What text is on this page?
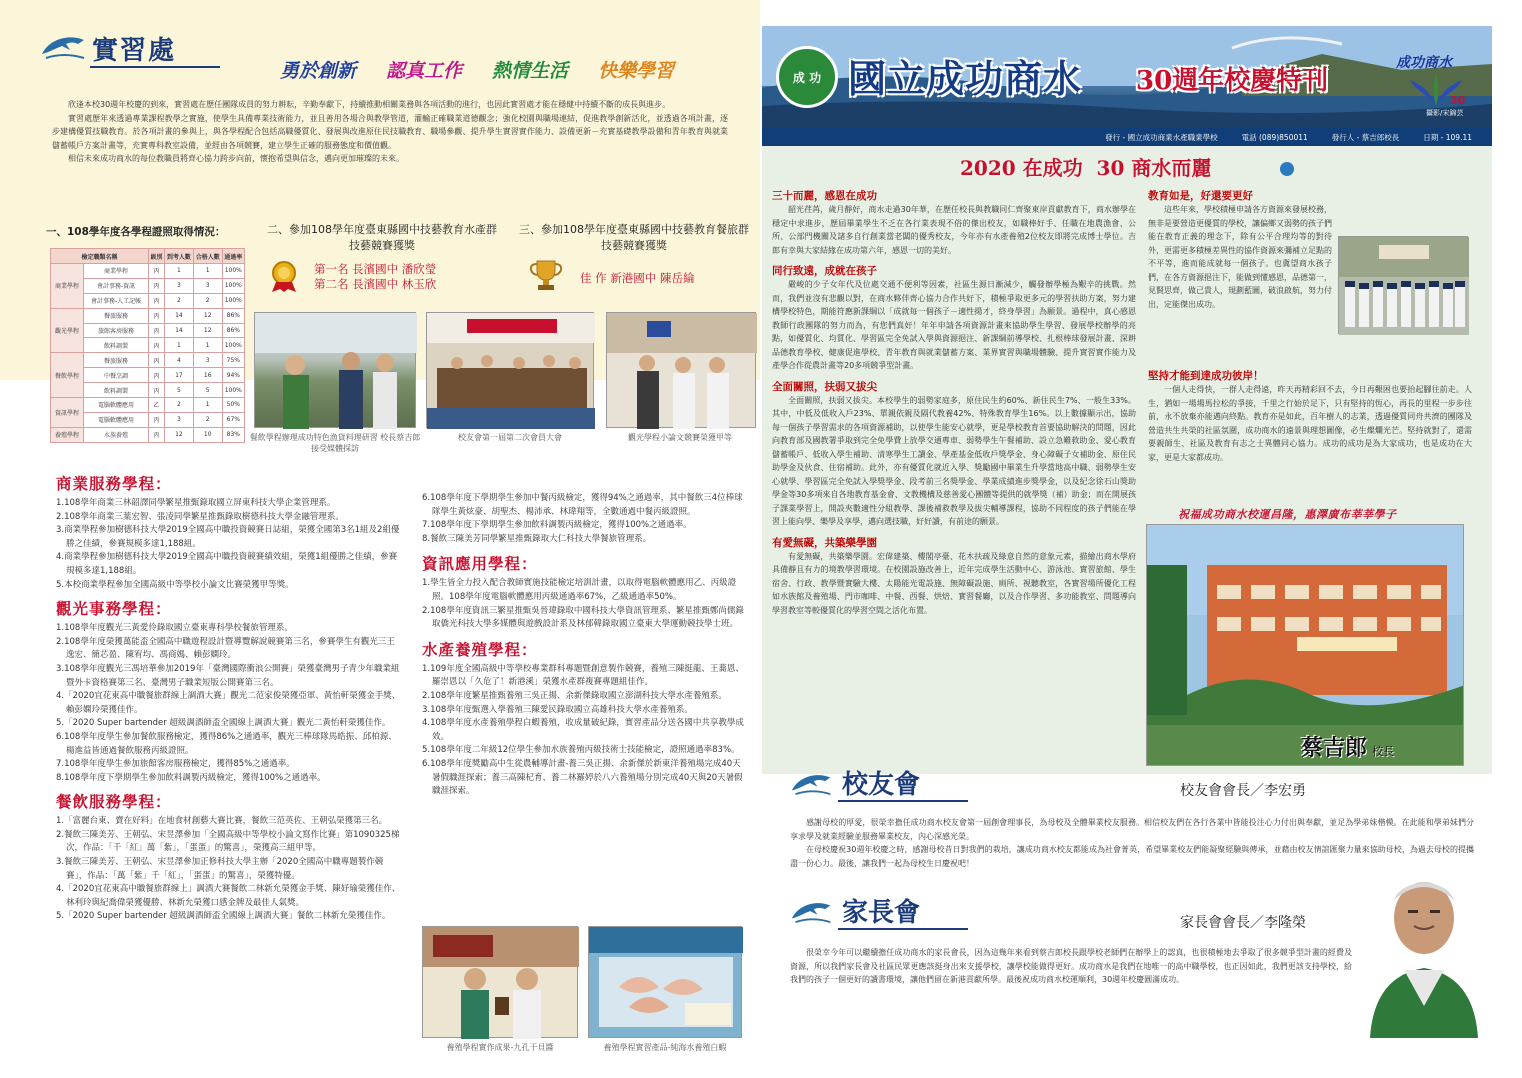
實習處
勇於創新 認真工作 熱情生活 快樂學習

欣逢本校30週年校慶的到來，實習處在歷任團隊成員的努力耕耘，辛勤奉獻下，持續推動相關業務與各項活動的進行，也因此實習處才能在穩健中持續不斷的成長與進步。

實習處歷年來透過專業課程教學之實施，使學生具備專業技術能力，並且善用各場合與教學管道，灌輸正確職業道德觀念；強化校園與職場連結，促進教學創新活化，並透過各項計畫，逐步建構優質技職教育。於各項計畫的參與上，與各學程配合包括高職優質化、發展與改進原住民技職教育、職場參觀、提升學生實習實作能力、設備更新－充實基礎教學設備和青年教育與就業儲蓄帳戶方案計畫等，充實專科教室設備，並經由各項競賽，建立學生正確的服務態度和價值觀。

相信未來成功商水的每位教職員將齊心協力跨步向前，懷抱希望與信念，邁向更加璀璨的未來。

一、108學年度各學程證照取得情況：
檢定職類名稱		級別	到考人數	合格人數	通過率
商業學程	商業學程	丙	1	1	100%
	會計事務-資訊	丙	3	3	100%
	會計事務-人工記帳	丙	2	2	100%
觀光學程	餐旅服務	丙	14	12	86%
	旅館客房服務	丙	14	12	86%
	飲料調製	丙	1	1	100%
餐飲學程	餐旅服務	丙	4	3	75%
	中餐烹調	丙	17	16	94%
	飲料調製	丙	5	5	100%
資訊學程	電腦軟體應用	乙	2	1	50%
	電腦軟體應用	丙	3	2	67%
養殖學程	水族養殖	丙	12	10	83%
二、參加108學年度臺東縣國中技藝教育水產群技藝競賽獲獎
第一名 長濱國中 潘欣瑩
第二名 長濱國中 林玉欣
三、參加108學年度臺東縣國中技藝教育餐旅群技藝競賽獲獎
佳 作 新港國中 陳岳綸
餐飲學程辦理成功特色漁貨料理研習 校長蔡吉郎接受媒體採訪
校友會第一屆第二次會員大會	觀光學程小論文競賽榮獲甲等
商業服務學程：
1.108學年商業三林韶譯同學繁星推甄錄取國立屏東科技大學企業管理系。
2.108學年商業三葉宏智、張凌同學繁星推甄錄取樹德科技大學金融管理系。
3.商業學程參加樹德科技大學2019全國高中職投資競賽日誌組，榮獲全國第3名1組及2組優勝之佳績，參賽規模多達1,188組。
4.商業學程參加樹德科技大學2019全國高中職投資競賽績效組，榮獲1組優勝之佳績，參賽規模多達1,188組。
5.本校商業學程參加全國高級中等學校小論文比賽榮獲甲等獎。
觀光事務學程：
1.108學年度觀光三黃愛伶錄取國立臺東專科學校餐旅管理系。
2.108學年度榮獲萬能盃全國高中職遊程設計暨導覽解說競賽第三名，參賽學生有觀光三王逸宏、簡芯盈、陳宥均、馮商媽、賴彭嫻玲。
3.108學年度觀光三馮培華參加2019年「臺灣國際衝浪公開賽」榮獲臺灣男子青少年職業組暨外卡資格賽第三名、臺灣男子職業短版公開賽第三名。
4.「2020宜花東高中職餐旅群線上調酒大賽」觀光二范家俊榮獲亞軍、黃怡軒榮獲金手獎、賴彭嫻玲榮獲佳作。
5.「2020 Super bartender 超級調酒師盃全國線上調酒大賽」觀光二黃怡軒榮獲佳作。
6.108學年度學生參加餐飲服務檢定，獲得86%之通過率，觀光三棒球隊馬皓振、邱柏源、楊進益皆通過餐飲服務丙級證照。
7.108學年度學生參加旅館客房服務檢定，獲得85%之通過率。
8.108學年度下學期學生參加飲料調製丙級檢定，獲得100%之通過率。
餐飲服務學程：
1.「富麗台東、賣在好料」在地食材創藝大賽比賽，餐飲三范英佐、王朝弘榮獲第三名。
2.餐飲三陳美芳、王朝弘、宋昱澤參加「全國高級中等學校小論文寫作比賽」第1090325梯次，作品：「千「紅」萬「紫」，「蛋蛋」的驚喜」，榮獲高三組甲等。
3.餐飲三陳美芳、王朝弘、宋昱澤參加正修科技大學主辦「2020全國高中職專題製作競賽」，作品：「萬「紫」千「紅」，「蛋蛋」的驚喜」，榮獲特優。
4.「2020宜花東高中職餐旅群線上」調酒大賽餐飲二林新允榮獲金手獎、陳妤瑜榮獲佳作、林利玲與紀喬偉榮獲優勝、林新允榮獲口感金牌及最佳人氣獎。
5.「2020 Super bartender 超級調酒師盃全國線上調酒大賽」餐飲二林新允榮獲佳作。
6.108學年度下學期學生參加中餐丙級檢定，獲得94%之通過率，其中餐飲三4位棒球隊學生黃炫豪、胡聖杰、楊沛承、林瑋翔等，全數通過中餐丙級證照。
7.108學年度下學期學生參加飲料調製丙級檢定，獲得100%之通過率。
8.餐飲三陳美芳同學繁星推甄錄取大仁科技大學餐旅管理系。
資訊應用學程：
1.學生皆全力投入配合教師實施技能檢定培訓計畫，以取得電腦軟體應用乙、丙級證照。108學年度電腦軟體應用丙級通過率67%，乙級通過率50%。
2.108學年度資訊三繁星推甄吳晉瑋錄取中國科技大學資訊管理系、繁星推甄鄭尚儒錄取僑光科技大學多媒體與遊戲設計系及林郁韓錄取國立臺東大學運動競技學士班。
水產養殖學程：
1.109年度全國高級中等學校專業群科專題暨創意製作競賽，養殖三陳挺龍、王蕎恩、羅崇恩以「久危了！新港溪」榮獲水產群複賽專題組佳作。
2.108學年度繁星推甄養殖三吳正揚、余新傑錄取國立澎湖科技大學水產養殖系。
3.108學年度甄選入學養殖三陳愛民錄取國立高雄科技大學水產養殖系。
4.108學年度水產養殖學程白蝦養殖，收成量破紀錄，實習產品分送各國中共享教學成效。
5.108學年度二年級12位學生參加水族養殖丙級技術士技能檢定，證照通過率83%。
6.108學年度獎勵高中生從農輔導計畫-養三吳正揚、余新傑於新東洋養殖場完成40天暑假職涯探索；養三高陳杞育、養二林羅婷於八六養殖場分別完成40天與20天暑假職涯探索。
養殖學程實作成果-九孔干貝醬	養殖學程實習產品-純海水養殖白蝦
成 功 國立成功商水 30週年校慶特刊
成功商水
30
攝影/宋錦芸
發行 - 國立成功商業水產職業學校	電話 (089)850011	發行人 - 蔡吉郎校長	日期 - 109.11
2020 在成功  30 商水而麗
三十而麗，感恩在成功

韶光荏苒，歲月靜好，商水走過30年華，在歷任校長與教職同仁齊聚東岸貢獻教育下，商水辦學在穩定中求進步，歷屆畢業學生不乏在各行業表現不俗的傑出校友，如職棒好手、任職在地農漁會、公所、公部門機關及諸多自行創業當老闆的優秀校友，今年亦有水產養殖2位校友即將完成博士學位。吉郎有幸與大家結緣在成功第六年，感恩一切的美好。

同行致遠，成就在孩子

嚴峻的少子女年代及位處交通不便利等因素，社區生源日漸減少，觸發辦學極為艱辛的挑戰。然而，我們並沒有悲觀以對，在商水夥伴齊心協力合作共好下，積極爭取更多元的學習扶助方案，努力建構學校特色，期能符應新課綱以「成就每一個孩子－適性揚才，終身學習」為願景。過程中，真心感恩教師行政團隊的努力而為，有您們真好！年年申請各項資源計畫來協助學生學習、發展學校辦學的亮點，如優質化、均質化、學習區完全免試入學與資源挹注、新課綱前導學校、扎根棒球發展計畫、深耕品德教育學校、健康促進學校、青年教育與就業儲蓄方案、業界實習與職場體驗、提升實習實作能力及產學合作從農計畫等20多項競爭型計畫。

全面關照，扶弱又拔尖

全面關照，扶弱又拔尖。本校學生的弱勢家庭多，原住民生約60%、新住民生7%、一般生33%。其中，中低及低收入戶23%、單親依親及隔代教養42%、特殊教育學生16%。以上數據顯示出，協助每一個孩子學習需求的各項資源補助，以使學生能安心就學，更是學校教育首要協助解決的問題，因此向教育部及國教署爭取到完全免學費上放學交通專車、弱勢學生午餐補助、設立急難救助金、愛心教育儲蓄帳戶、低收入學生補助、清寒學生工讀金、學產基金低收戶獎學金、身心障礙子女補助金、原住民助學金及伙食、住宿補助。此外，亦有優質化就近入學、獎勵國中畢業生升學當地高中職、弱勢學生安心就學、學習區完全免試入學獎學金、段考前三名獎學金、學業成績進步獎學金，以及紀念徐石山獎助學金等30多項來自各地教育基金會、文教機構及慈善愛心團體等提供的就學獎（補）助金；而在開展孩子課業學習上，開設夾數適性分組教學、課後補救教學及拔尖輔導課程，協助不同程度的孩子們能在學習上能向學、樂學及享學，邁向選技職，好好讀，有前途的願景。

有愛無礙，共築樂學園

有愛無礙，共築樂學園。宏偉建築、樓閣亭臺、花木扶疏及綠意自然的意象元素，描繪出商水學府具備靜且有力的境教學習環境。在校園設施改善上，近年完成學生活動中心、游泳池、實習旅館、學生宿舍、行政、教學暨實驗大樓、太陽能光電設施、無障礙設施、廁所、視聽教室，各實習場所優化工程如水族館及養殖場、門市咖啡、中餐、西餐、烘焙、實習餐廳，以及合作學習、多功能教室、問題導向學習教室等較優質化的學習空間之活化布置。

教育如是，好還要更好

這些年來，學校積極申請各方資源來發展校務，無非是要營造更優質的學校，讓偏鄉又弱勢的孩子們能在教育正義的理念下，除有公平合理均等的對待外，更需更多積極差異性的協作資源來彌補立足點的不平等，進而能成就每一個孩子。也冀望商水孩子們，在各方資源挹注下，能做到懂感恩，品德第一，見賢思齊，做己貴人，規劃藍圖，破浪啟航，努力付出，定能傑出成功。

堅持才能到達成功彼岸！

一個人走得快，一群人走得遠，昨天再精彩回不去，今日再艱困也要抬起腳往前走。人生，猶如一場場馬拉松的爭接，千里之行始於足下，只有堅持的恆心，再長的里程一步步往前，永不放棄亦能邁向終點。教育亦是如此，百年樹人的志業，透過優質同舟共濟的團隊及營造共生共榮的社區氛圍，成功商水的遠景與理想圖像，必生燦爛光芒。堅持就對了，還需要親師生、社區及教育有志之士異體同心協力。成功的成功是為大家成功，也是成功在大家，更是大家都成功。

祝福成功商水校運昌隆，惠澤廣布莘莘學子
蔡吉郎 校長
校友會	校友會會長／李宏勇

感謝母校的厚愛，很榮幸擔任成功商水校友會第一屆創會理事長，為母校及全體畢業校友服務。相信校友們在各行各業中皆能投注心力付出與奉獻，並足為學弟妹楷模。在此能和學弟妹們分享求學及就業經驗並服務畢業校友，內心深感光榮。

在母校慶祝30週年校慶之時，感謝母校昔日對我們的栽培，讓成功商水校友都能成為社會菁英，希望畢業校友們能凝聚經驗與傳承，並藉由校友情誼匯聚力量來協助母校，為過去母校的提攜盡一份心力。最後，讓我們一起為母校生日慶祝吧！

家長會	家長會會長／李隆榮

很榮幸今年可以繼續擔任成功商水的家長會長，因為這幾年來看到蔡吉郎校長跟學校老師們在辦學上的認真，也很積極地去爭取了很多競爭型計畫的經費及資源，所以我們家長會及社區民眾更應該挺身出來支援學校，讓學校能做得更好。成功商水是我們在地唯一的高中職學校，也正因如此，我們更該支持學校，給我們的孩子一個更好的讀書環境，讓他們留在新港貢獻所學。最後祝成功商水校運順利，30週年校慶圓滿成功。
